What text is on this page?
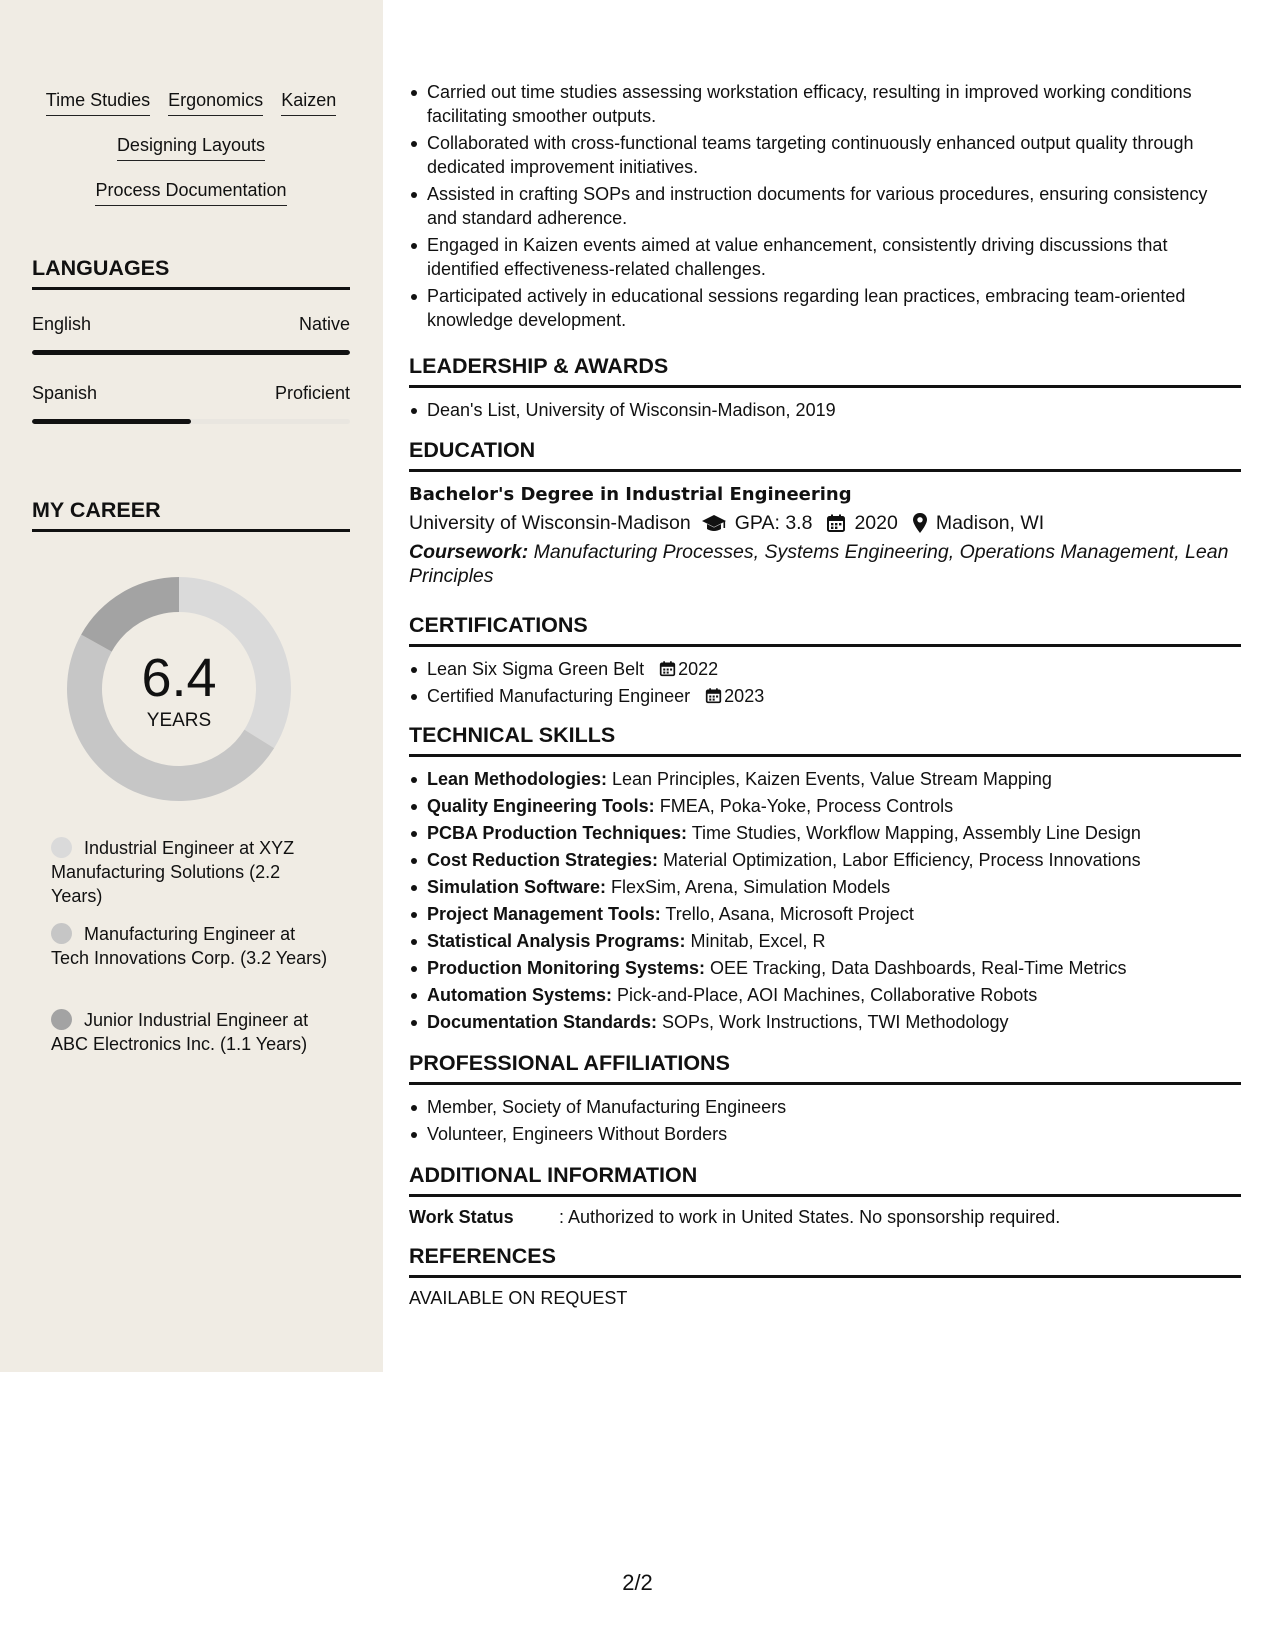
Time Studies Ergonomics Kaizen
Designing Layouts
Process Documentation
LANGUAGES
English	Native
Spanish	Proficient
MY CAREER
6.4
YEARS
Industrial Engineer at XYZ Manufacturing Solutions (2.2 Years)
Manufacturing Engineer at Tech Innovations Corp. (3.2 Years)
Junior Industrial Engineer at ABC Electronics Inc. (1.1 Years)
Carried out time studies assessing workstation efficacy, resulting in improved working conditions facilitating smoother outputs.
Collaborated with cross-functional teams targeting continuously enhanced output quality through dedicated improvement initiatives.
Assisted in crafting SOPs and instruction documents for various procedures, ensuring consistency and standard adherence.
Engaged in Kaizen events aimed at value enhancement, consistently driving discussions that identified effectiveness-related challenges.
Participated actively in educational sessions regarding lean practices, embracing team-oriented knowledge development.
LEADERSHIP & AWARDS
Dean's List, University of Wisconsin-Madison, 2019
EDUCATION
Bachelor's Degree in Industrial Engineering
University of Wisconsin-Madison GPA: 3.8 2020 Madison, WI
Coursework: Manufacturing Processes, Systems Engineering, Operations Management, Lean Principles
CERTIFICATIONS
Lean Six Sigma Green Belt 2022
Certified Manufacturing Engineer 2023
TECHNICAL SKILLS
Lean Methodologies: Lean Principles, Kaizen Events, Value Stream Mapping
Quality Engineering Tools: FMEA, Poka-Yoke, Process Controls
PCBA Production Techniques: Time Studies, Workflow Mapping, Assembly Line Design
Cost Reduction Strategies: Material Optimization, Labor Efficiency, Process Innovations
Simulation Software: FlexSim, Arena, Simulation Models
Project Management Tools: Trello, Asana, Microsoft Project
Statistical Analysis Programs: Minitab, Excel, R
Production Monitoring Systems: OEE Tracking, Data Dashboards, Real-Time Metrics
Automation Systems: Pick-and-Place, AOI Machines, Collaborative Robots
Documentation Standards: SOPs, Work Instructions, TWI Methodology
PROFESSIONAL AFFILIATIONS
Member, Society of Manufacturing Engineers
Volunteer, Engineers Without Borders
ADDITIONAL INFORMATION
Work Status	: Authorized to work in United States. No sponsorship required.
REFERENCES
AVAILABLE ON REQUEST
2/2
